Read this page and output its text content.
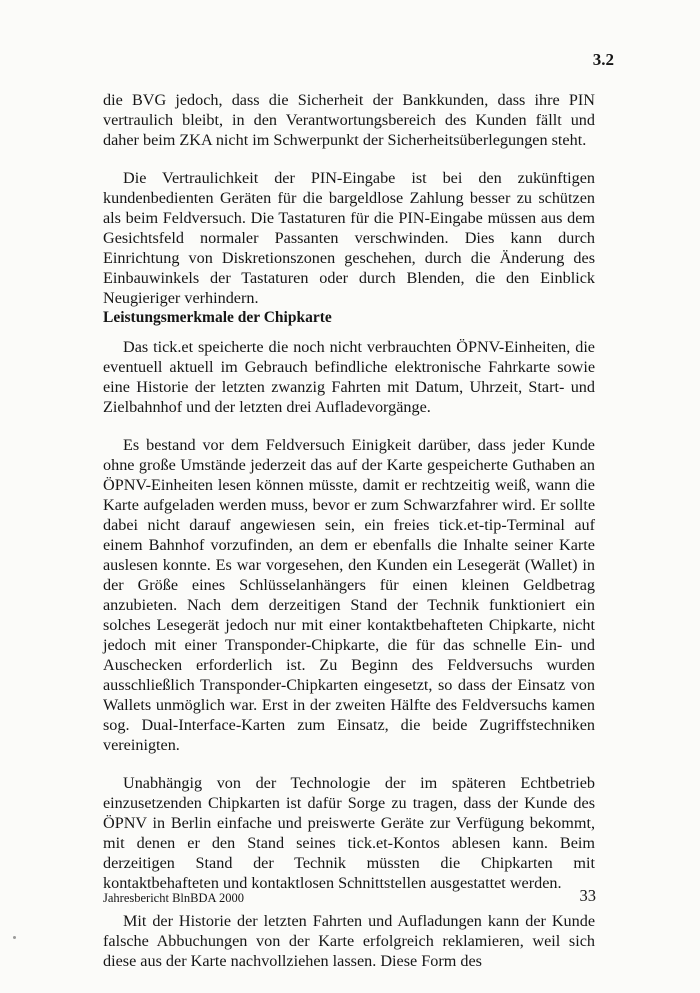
3.2

die BVG jedoch, dass die Sicherheit der Bankkunden, dass ihre PIN vertraulich bleibt, in den Verantwortungsbereich des Kunden fällt und daher beim ZKA nicht im Schwerpunkt der Sicherheitsüberlegungen steht.

Die Vertraulichkeit der PIN-Eingabe ist bei den zukünftigen kundenbedienten Geräten für die bargeldlose Zahlung besser zu schützen als beim Feldversuch. Die Tastaturen für die PIN-Eingabe müssen aus dem Gesichtsfeld normaler Passanten verschwinden. Dies kann durch Einrichtung von Diskretionszonen geschehen, durch die Änderung des Einbauwinkels der Tastaturen oder durch Blenden, die den Einblick Neugieriger verhindern.

Leistungsmerkmale der Chipkarte

Das tick.et speicherte die noch nicht verbrauchten ÖPNV-Einheiten, die eventuell aktuell im Gebrauch befindliche elektronische Fahrkarte sowie eine Historie der letzten zwanzig Fahrten mit Datum, Uhrzeit, Start- und Zielbahnhof und der letzten drei Aufladevorgänge.

Es bestand vor dem Feldversuch Einigkeit darüber, dass jeder Kunde ohne große Umstände jederzeit das auf der Karte gespeicherte Guthaben an ÖPNV-Einheiten lesen können müsste, damit er rechtzeitig weiß, wann die Karte aufgeladen werden muss, bevor er zum Schwarzfahrer wird. Er sollte dabei nicht darauf angewiesen sein, ein freies tick.et-tip-Terminal auf einem Bahnhof vorzufinden, an dem er ebenfalls die Inhalte seiner Karte auslesen konnte. Es war vorgesehen, den Kunden ein Lesegerät (Wallet) in der Größe eines Schlüsselanhängers für einen kleinen Geldbetrag anzubieten. Nach dem derzeitigen Stand der Technik funktioniert ein solches Lesegerät jedoch nur mit einer kontaktbehafteten Chipkarte, nicht jedoch mit einer Transponder-Chipkarte, die für das schnelle Ein- und Auschecken erforderlich ist. Zu Beginn des Feldversuchs wurden ausschließlich Transponder-Chipkarten eingesetzt, so dass der Einsatz von Wallets unmöglich war. Erst in der zweiten Hälfte des Feldversuchs kamen sog. Dual-Interface-Karten zum Einsatz, die beide Zugriffstechniken vereinigten.

Unabhängig von der Technologie der im späteren Echtbetrieb einzusetzenden Chipkarten ist dafür Sorge zu tragen, dass der Kunde des ÖPNV in Berlin einfache und preiswerte Geräte zur Verfügung bekommt, mit denen er den Stand seines tick.et-Kontos ablesen kann. Beim derzeitigen Stand der Technik müssten die Chipkarten mit kontaktbehafteten und kontaktlosen Schnittstellen ausgestattet werden.

Mit der Historie der letzten Fahrten und Aufladungen kann der Kunde falsche Abbuchungen von der Karte erfolgreich reklamieren, weil sich diese aus der Karte nachvollziehen lassen. Diese Form des

Jahresbericht BlnBDA 2000	33
